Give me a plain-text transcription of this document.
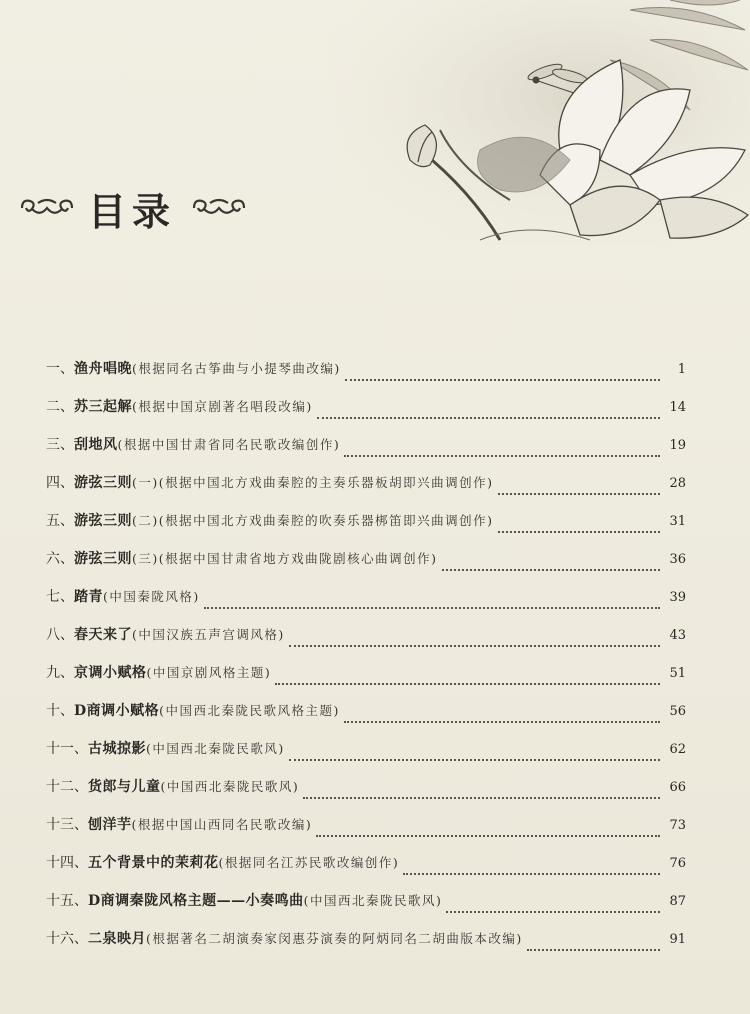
目录
一、 渔舟唱晚 (根据同名古筝曲与小提琴曲改编)	1
二、 苏三起解 (根据中国京剧著名唱段改编)	14
三、 刮地风 (根据中国甘肃省同名民歌改编创作)	19
四、 游弦三则 (一)(根据中国北方戏曲秦腔的主奏乐器板胡即兴曲调创作)	28
五、 游弦三则 (二)(根据中国北方戏曲秦腔的吹奏乐器梆笛即兴曲调创作)	31
六、 游弦三则 (三)(根据中国甘肃省地方戏曲陇剧核心曲调创作)	36
七、 踏青 (中国秦陇风格)	39
八、 春天来了 (中国汉族五声宫调风格)	43
九、 京调小赋格 (中国京剧风格主题)	51
十、 D商调小赋格 (中国西北秦陇民歌风格主题)	56
十一、 古城掠影 (中国西北秦陇民歌风)	62
十二、 货郎与儿童 (中国西北秦陇民歌风)	66
十三、 刨洋芋 (根据中国山西同名民歌改编)	73
十四、 五个背景中的茉莉花 (根据同名江苏民歌改编创作)	76
十五、 D商调秦陇风格主题——小奏鸣曲 (中国西北秦陇民歌风)	87
十六、 二泉映月 (根据著名二胡演奏家闵惠芬演奏的阿炳同名二胡曲版本改编)	91
